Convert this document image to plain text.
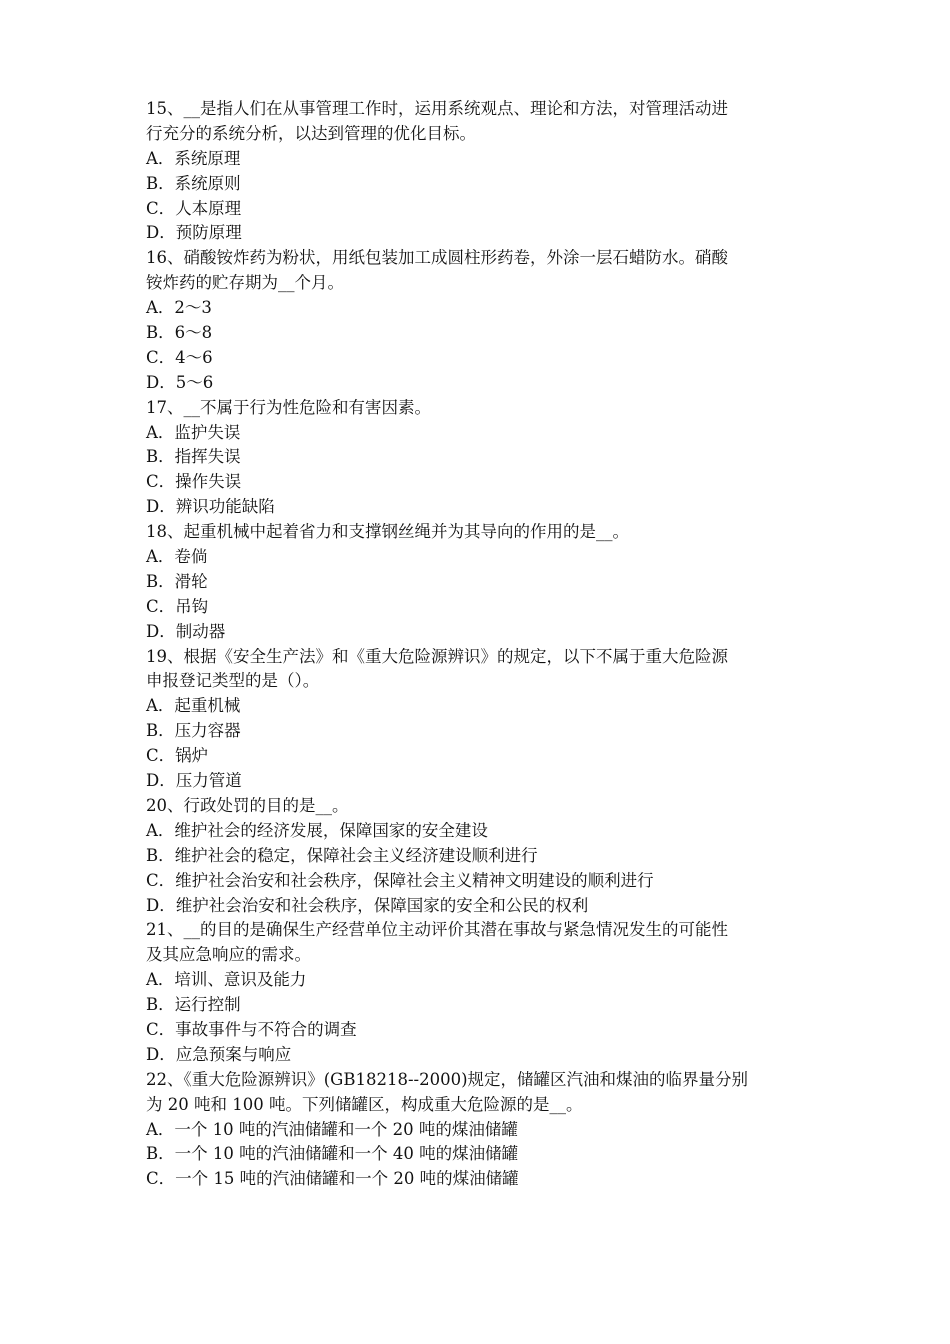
15、__是指人们在从事管理工作时，运用系统观点、理论和方法，对管理活动进
行充分的系统分析，以达到管理的优化目标。
A．系统原理
B．系统原则
C．人本原理
D．预防原理
16、硝酸铵炸药为粉状，用纸包装加工成圆柱形药卷，外涂一层石蜡防水。硝酸
铵炸药的贮存期为__个月。
A．2～3
B．6～8
C．4～6
D．5～6
17、__不属于行为性危险和有害因素。
A．监护失误
B．指挥失误
C．操作失误
D．辨识功能缺陷
18、起重机械中起着省力和支撑钢丝绳并为其导向的作用的是__。
A．卷倘
B．滑轮
C．吊钩
D．制动器
19、根据《安全生产法》和《重大危险源辨识》的规定，以下不属于重大危险源
申报登记类型的是（）。
A．起重机械
B．压力容器
C．锅炉
D．压力管道
20、行政处罚的目的是__。
A．维护社会的经济发展，保障国家的安全建设
B．维护社会的稳定，保障社会主义经济建设顺利进行
C．维护社会治安和社会秩序，保障社会主义精神文明建设的顺利进行
D．维护社会治安和社会秩序，保障国家的安全和公民的权利
21、__的目的是确保生产经营单位主动评价其潜在事故与紧急情况发生的可能性
及其应急响应的需求。
A．培训、意识及能力
B．运行控制
C．事故事件与不符合的调查
D．应急预案与响应
22、《重大危险源辨识》(GB18218--2000)规定，储罐区汽油和煤油的临界量分别
为 20 吨和 100 吨。下列储罐区，构成重大危险源的是__。
A．一个 10 吨的汽油储罐和一个 20 吨的煤油储罐
B．一个 10 吨的汽油储罐和一个 40 吨的煤油储罐
C．一个 15 吨的汽油储罐和一个 20 吨的煤油储罐
